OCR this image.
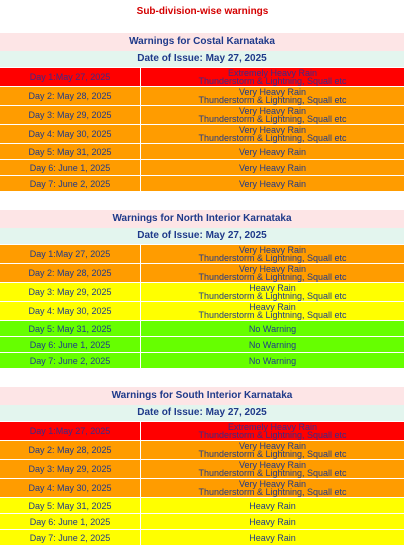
Sub-division-wise warnings
Warnings for Costal Karnataka
Date of Issue: May 27, 2025
Day 1:May 27, 2025	Extremely Heavy Rain
Thunderstorm & Lightning, Squall etc
Day 2: May 28, 2025	Very Heavy Rain
Thunderstorm & Lightning, Squall etc
Day 3: May 29, 2025	Very Heavy Rain
Thunderstorm & Lightning, Squall etc
Day 4: May 30, 2025	Very Heavy Rain
Thunderstorm & Lightning, Squall etc
Day 5: May 31, 2025	Very Heavy Rain
Day 6: June 1, 2025	Very Heavy Rain
Day 7: June 2, 2025	Very Heavy Rain
Warnings for North Interior Karnataka
Date of Issue: May 27, 2025
Day 1:May 27, 2025	Very Heavy Rain
Thunderstorm & Lightning, Squall etc
Day 2: May 28, 2025	Very Heavy Rain
Thunderstorm & Lightning, Squall etc
Day 3: May 29, 2025	Heavy Rain
Thunderstorm & Lightning, Squall etc
Day 4: May 30, 2025	Heavy Rain
Thunderstorm & Lightning, Squall etc
Day 5: May 31, 2025	No Warning
Day 6: June 1, 2025	No Warning
Day 7: June 2, 2025	No Warning
Warnings for South Interior Karnataka
Date of Issue: May 27, 2025
Day 1:May 27, 2025	Extremely Heavy Rain
Thunderstorm & Lightning, Squall etc
Day 2: May 28, 2025	Very Heavy Rain
Thunderstorm & Lightning, Squall etc
Day 3: May 29, 2025	Very Heavy Rain
Thunderstorm & Lightning, Squall etc
Day 4: May 30, 2025	Very Heavy Rain
Thunderstorm & Lightning, Squall etc
Day 5: May 31, 2025	Heavy Rain
Day 6: June 1, 2025	Heavy Rain
Day 7: June 2, 2025	Heavy Rain
